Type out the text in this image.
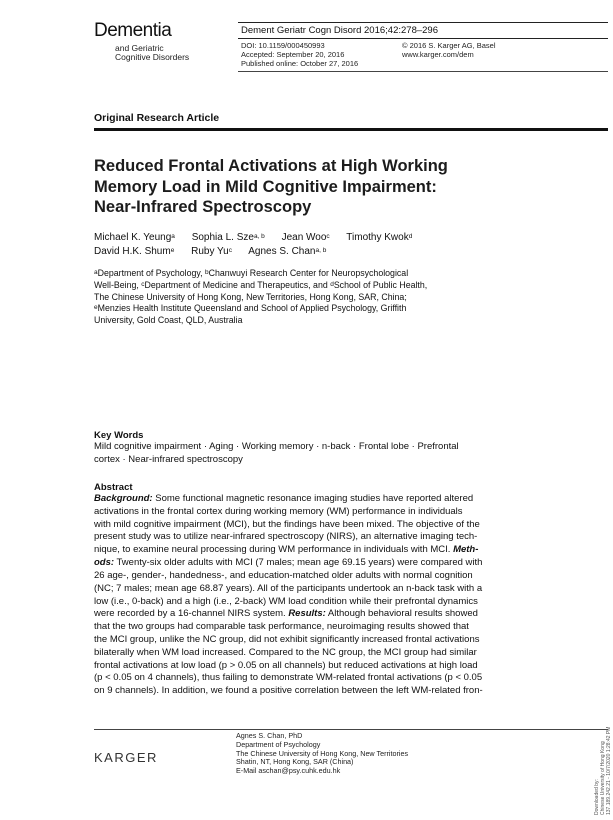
Dementia
and Geriatric
Cognitive Disorders
Dement Geriatr Cogn Disord 2016;42:278–296
DOI: 10.1159/000450993
Accepted: September 20, 2016
Published online: October 27, 2016
© 2016 S. Karger AG, Basel
www.karger.com/dem
Original Research Article
Reduced Frontal Activations at High Working
Memory Load in Mild Cognitive Impairment:
Near-Infrared Spectroscopy
Michael K. Yeung$^a$ Sophia L. Sze$^{a, b}$ Jean Woo$^c$ Timothy Kwok$^d$
David H.K. Shum$^e$ Ruby Yu$^c$ Agnes S. Chan$^{a, b}$
$^a$Department of Psychology, $^b$Chanwuyi Research Center for Neuropsychological
Well-Being, $^c$Department of Medicine and Therapeutics, and $^d$School of Public Health,
The Chinese University of Hong Kong, New Territories, Hong Kong, SAR, China;
$^e$Menzies Health Institute Queensland and School of Applied Psychology, Griffith
University, Gold Coast, QLD, Australia
Key Words
Mild cognitive impairment · Aging · Working memory · n-back · Frontal lobe · Prefrontal
cortex · Near-infrared spectroscopy
Abstract
Background: Some functional magnetic resonance imaging studies have reported altered
activations in the frontal cortex during working memory (WM) performance in individuals
with mild cognitive impairment (MCI), but the findings have been mixed. The objective of the
present study was to utilize near-infrared spectroscopy (NIRS), an alternative imaging tech-
nique, to examine neural processing during WM performance in individuals with MCI. Meth-
ods: Twenty-six older adults with MCI (7 males; mean age 69.15 years) were compared with
26 age-, gender-, handedness-, and education-matched older adults with normal cognition
(NC; 7 males; mean age 68.87 years). All of the participants undertook an n-back task with a
low (i.e., 0-back) and a high (i.e., 2-back) WM load condition while their prefrontal dynamics
were recorded by a 16-channel NIRS system. Results: Although behavioral results showed
that the two groups had comparable task performance, neuroimaging results showed that
the MCI group, unlike the NC group, did not exhibit significantly increased frontal activations
bilaterally when WM load increased. Compared to the NC group, the MCI group had similar
frontal activations at low load (p > 0.05 on all channels) but reduced activations at high load
(p < 0.05 on 4 channels), thus failing to demonstrate WM-related frontal activations (p < 0.05
on 9 channels). In addition, we found a positive correlation between the left WM-related fron-
Agnes S. Chan, PhD
Department of Psychology
The Chinese University of Hong Kong, New Territories
Shatin, NT, Hong Kong, SAR (China)
E-Mail aschan@psy.cuhk.edu.hk
KARGER
Downloaded by: Chinese University of Hong Kong 137.189.242.21 - 10/7/2020 1:28:42 PM
